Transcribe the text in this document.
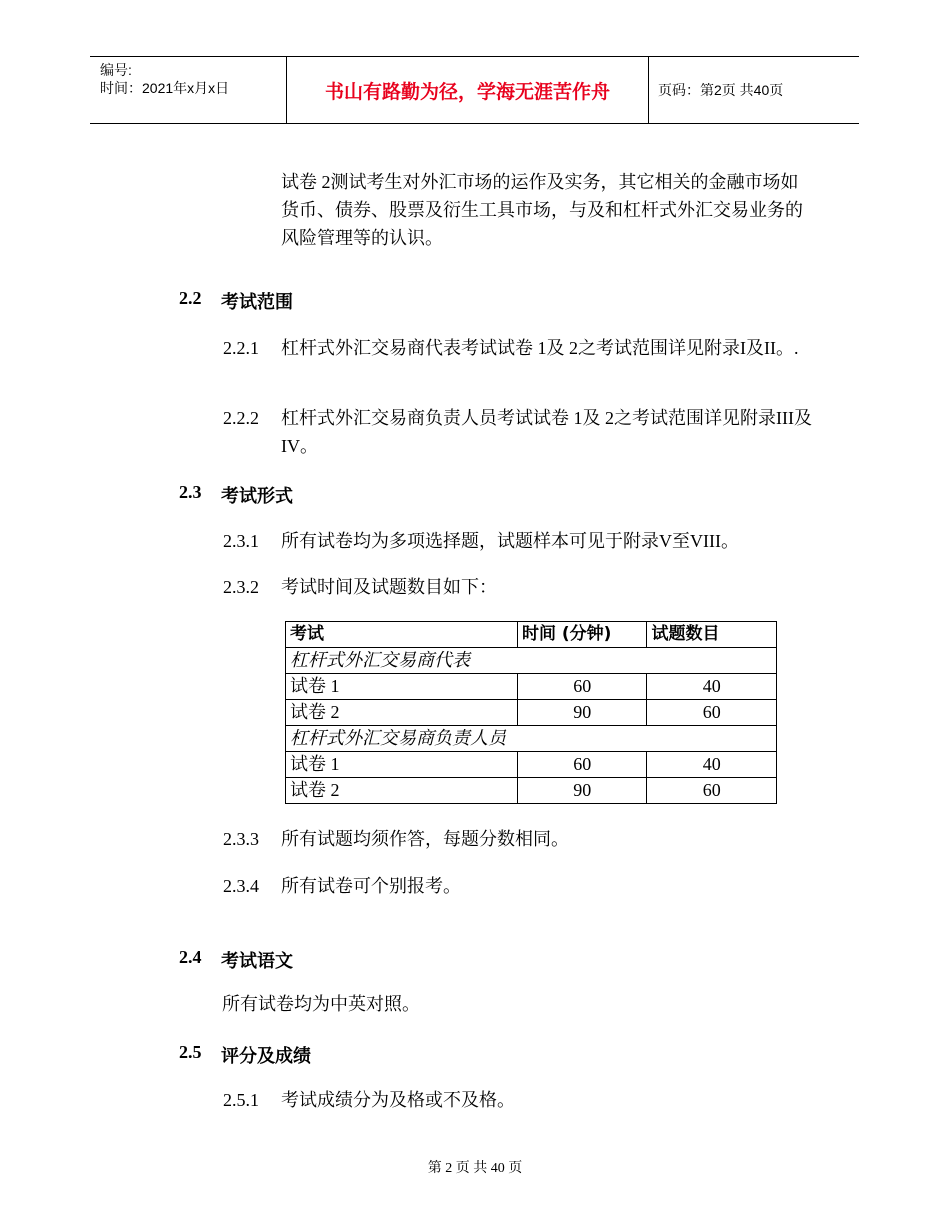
编号:
时间：2021年x月x日	书山有路勤为径，学海无涯苦作舟	页码：第2页 共40页
试卷 2测试考生对外汇市场的运作及实务，其它相关的金融市场如货币、债券、股票及衍生工具市场，与及和杠杆式外汇交易业务的风险管理等的认识。
2.2 考试范围
2.2.1 杠杆式外汇交易商代表考试试卷 1及 2之考试范围详见附录I及II。.
2.2.2 杠杆式外汇交易商负责人员考试试卷 1及 2之考试范围详见附录III及IV。
2.3 考试形式
2.3.1 所有试卷均为多项选择题，试题样本可见于附录V至VIII。
2.3.2 考试时间及试题数目如下：
考试	时间 (分钟)	试题数目
杠杆式外汇交易商代表		
试卷 1	60	40
试卷 2	90	60
杠杆式外汇交易商负责人员		
试卷 1	60	40
试卷 2	90	60
2.3.3 所有试题均须作答，每题分数相同。
2.3.4 所有试卷可个别报考。
2.4 考试语文
所有试卷均为中英对照。
2.5 评分及成绩
2.5.1 考试成绩分为及格或不及格。
第 2 页 共 40 页
